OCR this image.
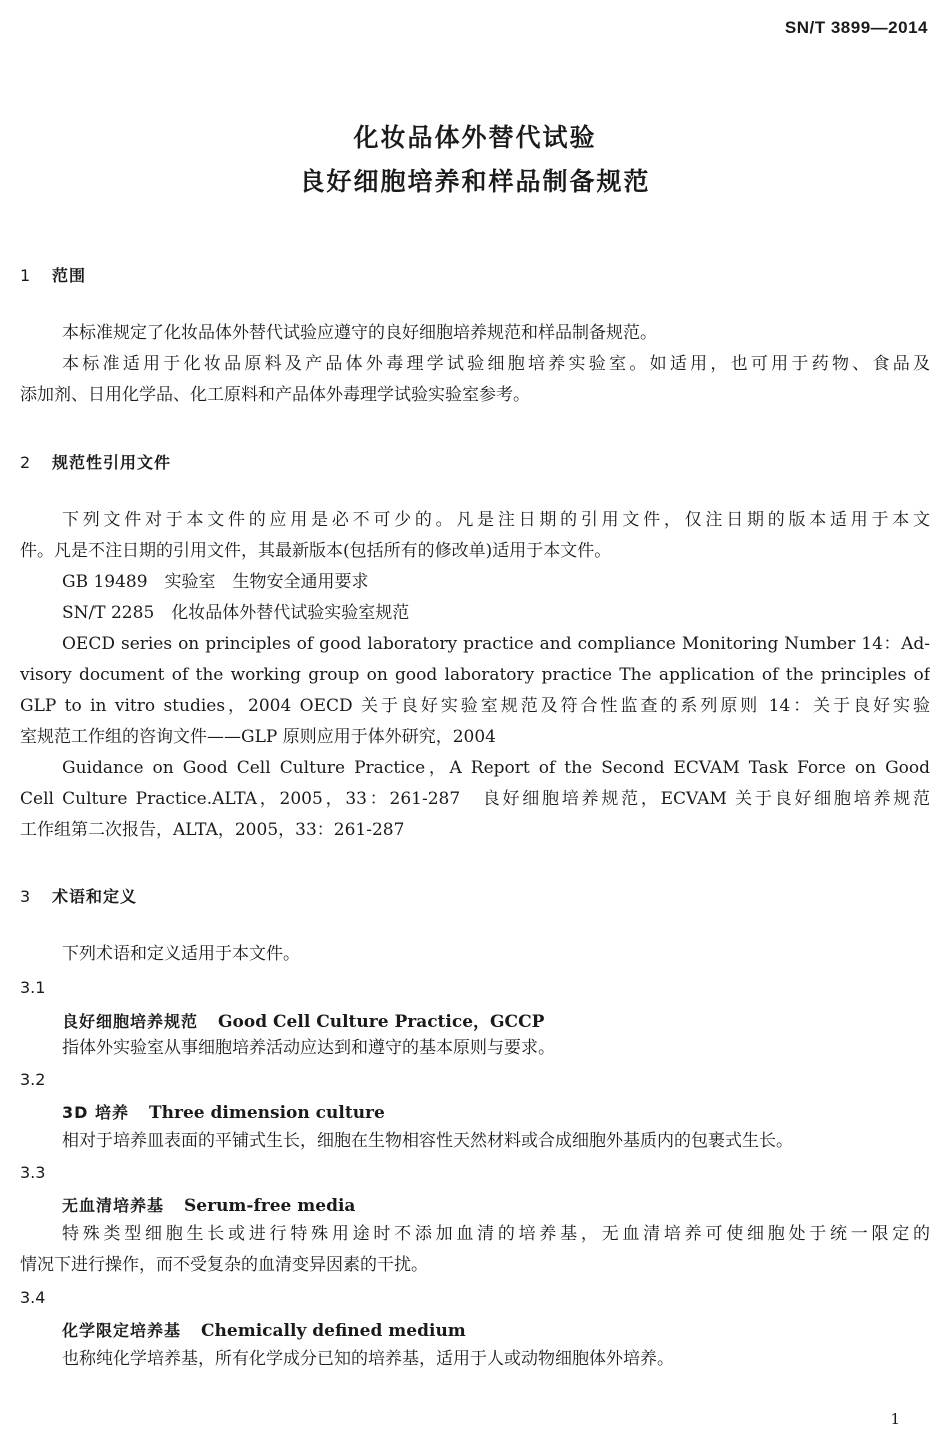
SN/T 3899—2014
化妆品体外替代试验
良好细胞培养和样品制备规范
1 范围
本标准规定了化妆品体外替代试验应遵守的良好细胞培养规范和样品制备规范。
本标准适用于化妆品原料及产品体外毒理学试验细胞培养实验室。如适用，也可用于药物、食品及
添加剂、日用化学品、化工原料和产品体外毒理学试验实验室参考。
2 规范性引用文件
下列文件对于本文件的应用是必不可少的。凡是注日期的引用文件，仅注日期的版本适用于本文
件。凡是不注日期的引用文件，其最新版本(包括所有的修改单)适用于本文件。
GB 19489　实验室　生物安全通用要求
SN/T 2285　化妆品体外替代试验实验室规范
OECD series on principles of good laboratory practice and compliance Monitoring Number 14：Ad-
visory document of the working group on good laboratory practice The application of the principles of
GLP to in vitro studies，2004 OECD 关于良好实验室规范及符合性监查的系列原则 14：关于良好实验
室规范工作组的咨询文件——GLP 原则应用于体外研究，2004
Guidance on Good Cell Culture Practice，A Report of the Second ECVAM Task Force on Good
Cell Culture Practice.ALTA，2005，33：261-287　良好细胞培养规范，ECVAM 关于良好细胞培养规范
工作组第二次报告，ALTA，2005，33：261-287
3 术语和定义
下列术语和定义适用于本文件。
3.1
良好细胞培养规范 Good Cell Culture Practice，GCCP
指体外实验室从事细胞培养活动应达到和遵守的基本原则与要求。
3.2
3D 培养 Three dimension culture
相对于培养皿表面的平铺式生长，细胞在生物相容性天然材料或合成细胞外基质内的包裹式生长。
3.3
无血清培养基 Serum-free media
特殊类型细胞生长或进行特殊用途时不添加血清的培养基，无血清培养可使细胞处于统一限定的
情况下进行操作，而不受复杂的血清变异因素的干扰。
3.4
化学限定培养基 Chemically defined medium
也称纯化学培养基，所有化学成分已知的培养基，适用于人或动物细胞体外培养。
1
